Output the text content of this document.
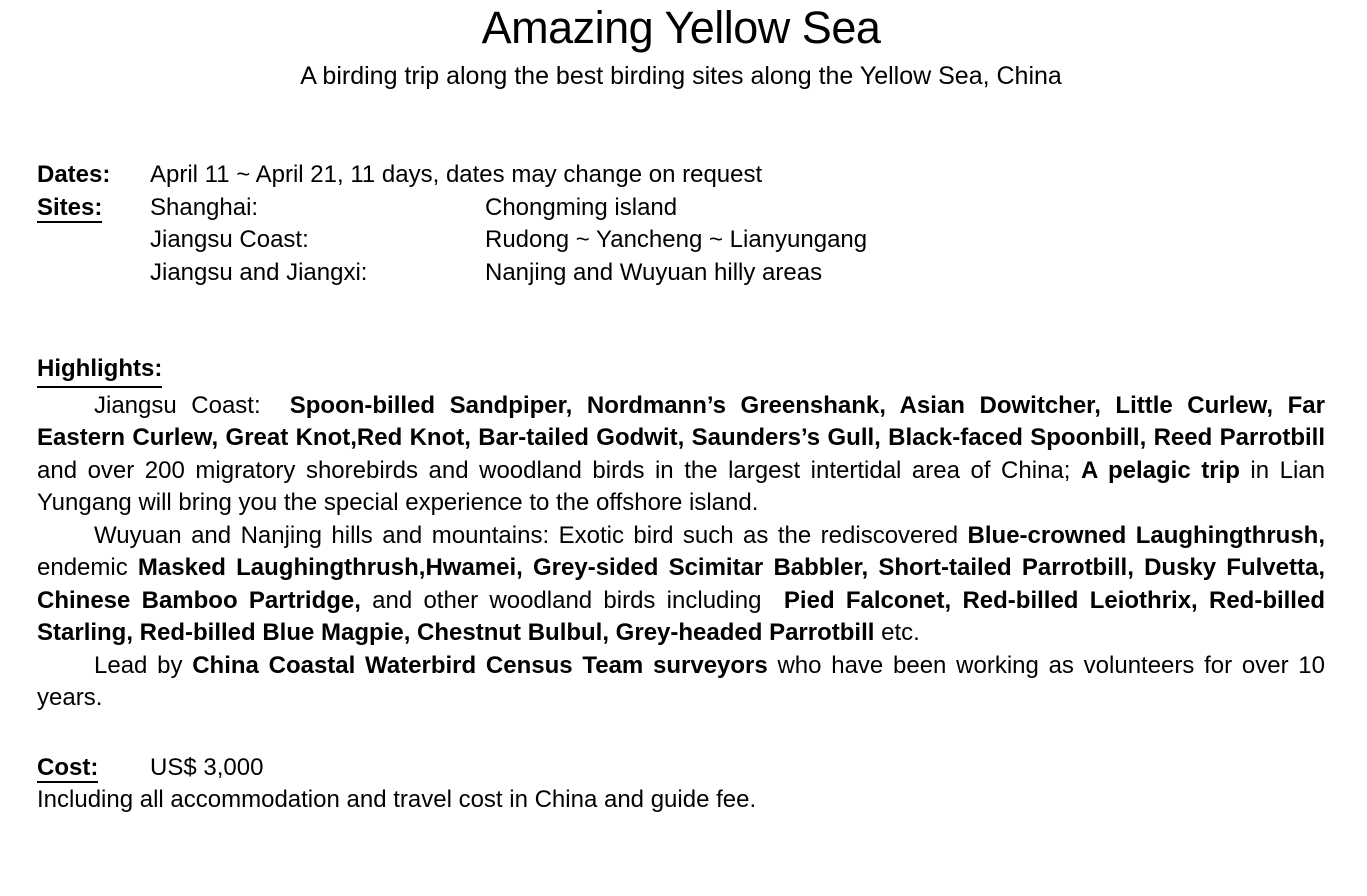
Amazing Yellow Sea
A birding trip along the best birding sites along the Yellow Sea, China
Dates:	April 11 ~ April 21, 11 days, dates may change on request
Sites:	Shanghai:	Chongming island
Jiangsu Coast:	Rudong ~ Yancheng ~ Lianyungang
Jiangsu and Jiangxi:	Nanjing and Wuyuan hilly areas
Highlights:

Jiangsu Coast:  Spoon-billed Sandpiper, Nordmann’s Greenshank, Asian Dowitcher, Little Curlew, Far Eastern Curlew, Great Knot,Red Knot, Bar-tailed Godwit, Saunders’s Gull, Black-faced Spoonbill, Reed Parrotbill and over 200 migratory shorebirds and woodland birds in the largest intertidal area of China; A pelagic trip in Lian Yungang will bring you the special experience to the offshore island.

Wuyuan and Nanjing hills and mountains: Exotic bird such as the rediscovered Blue-crowned Laughingthrush, endemic Masked Laughingthrush,Hwamei, Grey-sided Scimitar Babbler, Short-tailed Parrotbill, Dusky Fulvetta, Chinese Bamboo Partridge, and other woodland birds including  Pied Falconet, Red-billed Leiothrix, Red-billed Starling, Red-billed Blue Magpie, Chestnut Bulbul, Grey-headed Parrotbill etc.

Lead by China Coastal Waterbird Census Team surveyors who have been working as volunteers for over 10 years.

Cost:	US$ 3,000
Including all accommodation and travel cost in China and guide fee.
